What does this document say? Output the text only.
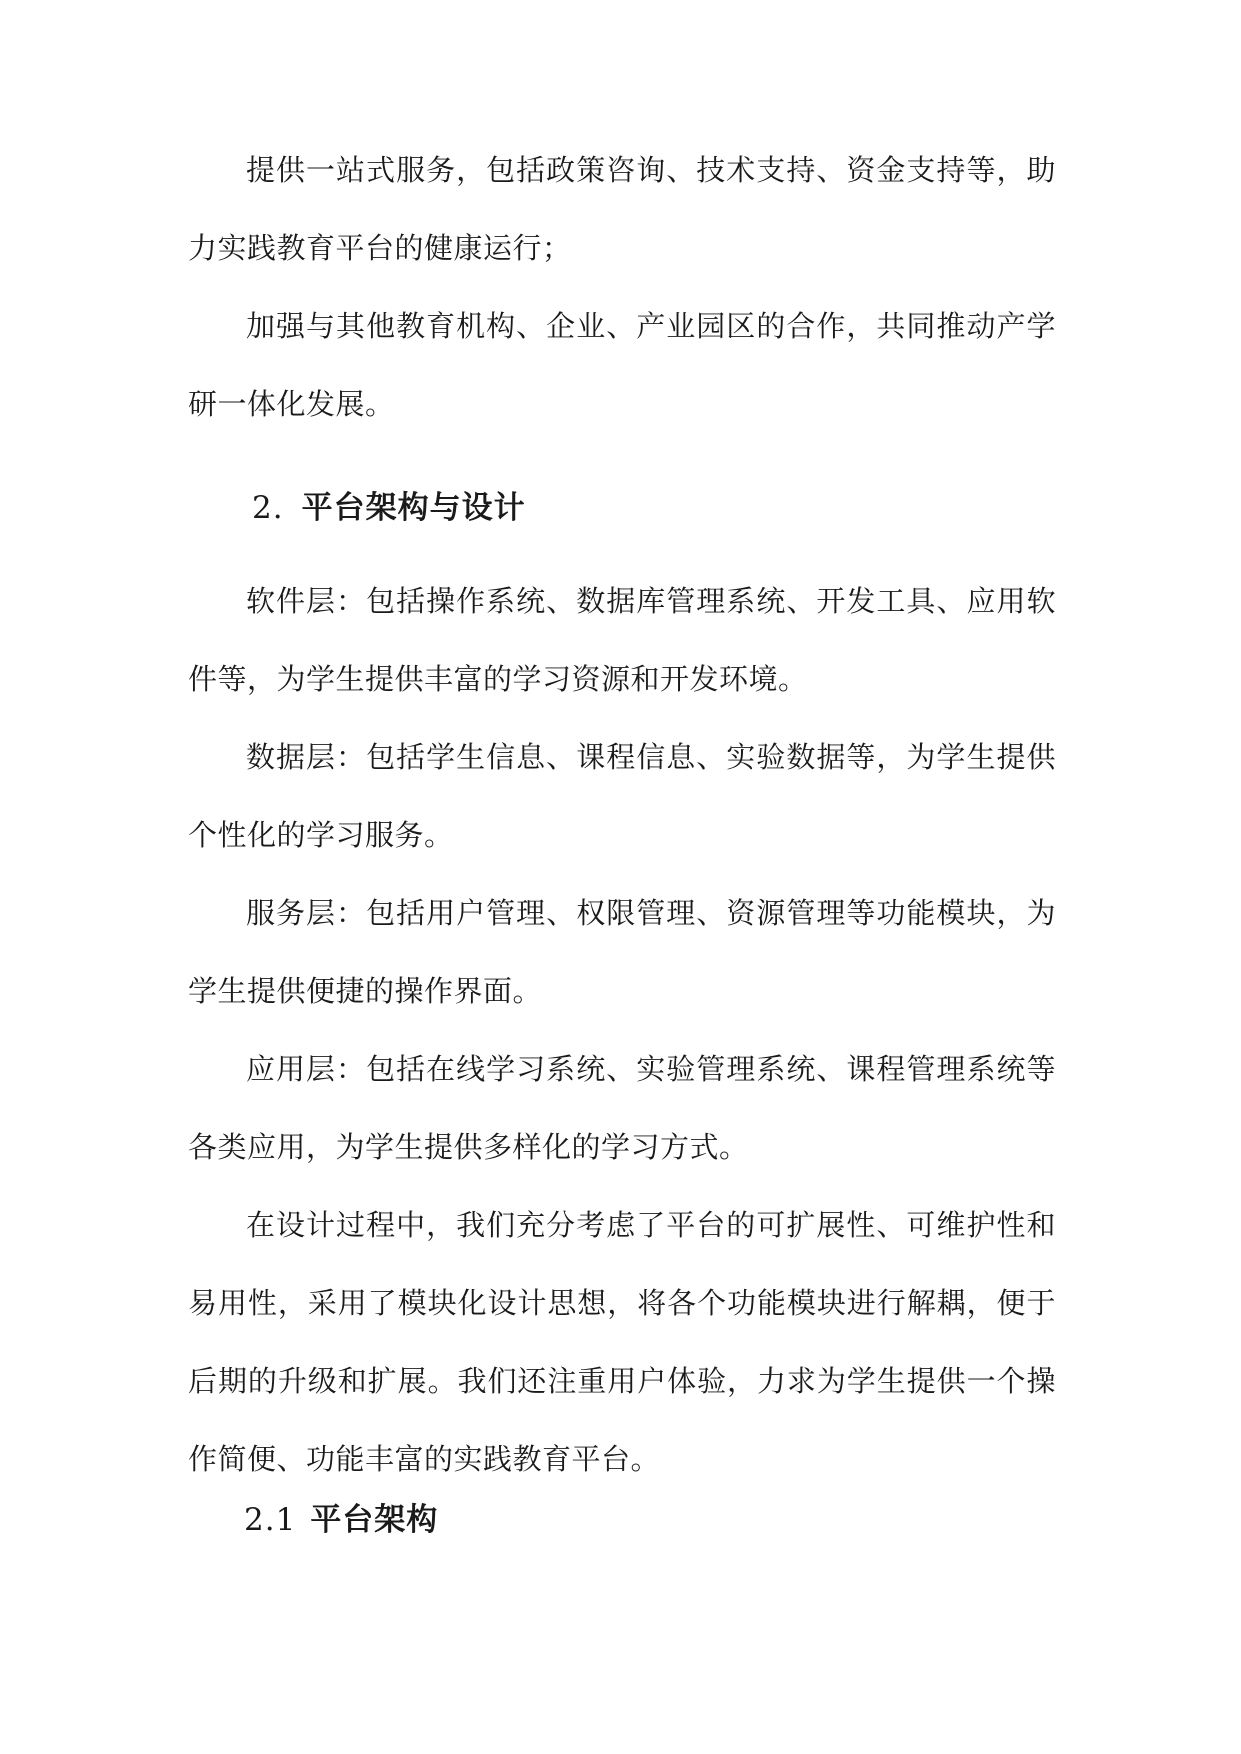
提供一站式服务，包括政策咨询、技术支持、资金支持等，助力实践教育平台的健康运行；

加强与其他教育机构、企业、产业园区的合作，共同推动产学研一体化发展。

2. 平台架构与设计

软件层：包括操作系统、数据库管理系统、开发工具、应用软件等，为学生提供丰富的学习资源和开发环境。

数据层：包括学生信息、课程信息、实验数据等，为学生提供个性化的学习服务。

服务层：包括用户管理、权限管理、资源管理等功能模块，为学生提供便捷的操作界面。

应用层：包括在线学习系统、实验管理系统、课程管理系统等各类应用，为学生提供多样化的学习方式。

在设计过程中，我们充分考虑了平台的可扩展性、可维护性和易用性，采用了模块化设计思想，将各个功能模块进行解耦，便于后期的升级和扩展。我们还注重用户体验，力求为学生提供一个操作简便、功能丰富的实践教育平台。

2.1 平台架构
